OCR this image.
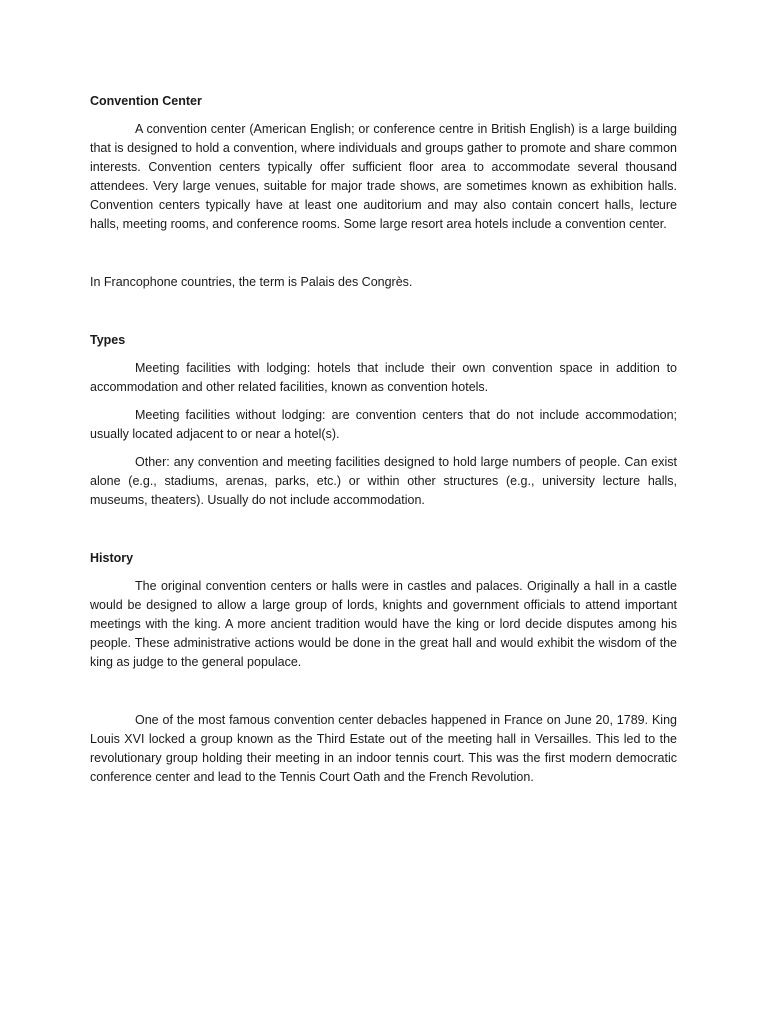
Convention Center

A convention center (American English; or conference centre in British English) is a large building that is designed to hold a convention, where individuals and groups gather to promote and share common interests. Convention centers typically offer sufficient floor area to accommodate several thousand attendees. Very large venues, suitable for major trade shows, are sometimes known as exhibition halls. Convention centers typically have at least one auditorium and may also contain concert halls, lecture halls, meeting rooms, and conference rooms. Some large resort area hotels include a convention center.

In Francophone countries, the term is Palais des Congrès.

Types

Meeting facilities with lodging: hotels that include their own convention space in addition to accommodation and other related facilities, known as convention hotels.

Meeting facilities without lodging: are convention centers that do not include accommodation; usually located adjacent to or near a hotel(s).

Other: any convention and meeting facilities designed to hold large numbers of people. Can exist alone (e.g., stadiums, arenas, parks, etc.) or within other structures (e.g., university lecture halls, museums, theaters). Usually do not include accommodation.

History

The original convention centers or halls were in castles and palaces. Originally a hall in a castle would be designed to allow a large group of lords, knights and government officials to attend important meetings with the king. A more ancient tradition would have the king or lord decide disputes among his people. These administrative actions would be done in the great hall and would exhibit the wisdom of the king as judge to the general populace.

One of the most famous convention center debacles happened in France on June 20, 1789. King Louis XVI locked a group known as the Third Estate out of the meeting hall in Versailles. This led to the revolutionary group holding their meeting in an indoor tennis court. This was the first modern democratic conference center and lead to the Tennis Court Oath and the French Revolution.
